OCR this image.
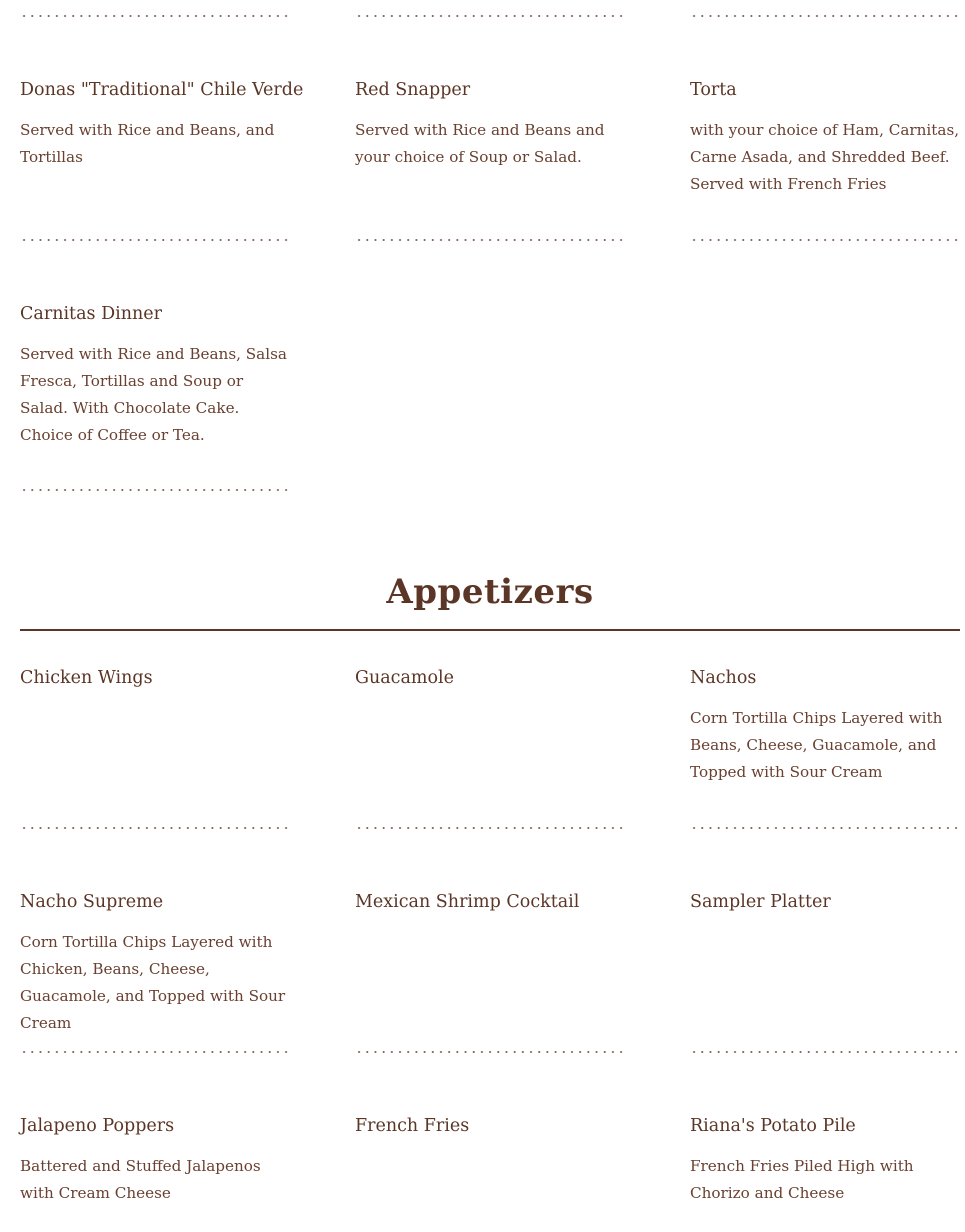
Donas "Traditional" Chile Verde
Served with Rice and Beans, and Tortillas
Red Snapper
Served with Rice and Beans and your choice of Soup or Salad.
Torta
with your choice of Ham, Carnitas, Carne Asada, and Shredded Beef. Served with French Fries
Carnitas Dinner
Served with Rice and Beans, Salsa Fresca, Tortillas and Soup or Salad. With Chocolate Cake. Choice of Coffee or Tea.
Appetizers
Chicken Wings	Guacamole	Nachos
Corn Tortilla Chips Layered with Beans, Cheese, Guacamole, and Topped with Sour Cream
Nacho Supreme
Corn Tortilla Chips Layered with Chicken, Beans, Cheese, Guacamole, and Topped with Sour Cream
Mexican Shrimp Cocktail	Sampler Platter
Jalapeno Poppers
Battered and Stuffed Jalapenos with Cream Cheese
French Fries	Riana's Potato Pile
French Fries Piled High with Chorizo and Cheese
